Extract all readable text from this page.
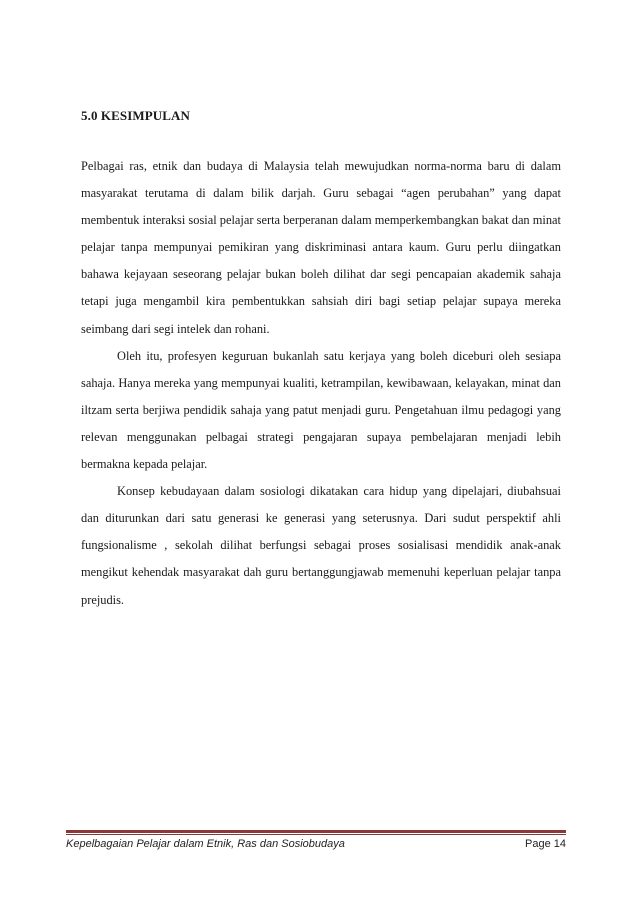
5.0 KESIMPULAN

Pelbagai ras, etnik dan budaya di Malaysia telah mewujudkan norma-norma baru di dalam masyarakat terutama di dalam bilik darjah. Guru sebagai “agen perubahan” yang dapat membentuk interaksi sosial pelajar serta berperanan dalam memperkembangkan bakat dan minat pelajar tanpa mempunyai pemikiran yang diskriminasi antara kaum. Guru perlu diingatkan bahawa kejayaan seseorang pelajar bukan boleh dilihat dar segi pencapaian akademik sahaja tetapi juga mengambil kira pembentukkan sahsiah diri bagi setiap pelajar supaya mereka seimbang dari segi intelek dan rohani.

Oleh itu, profesyen keguruan bukanlah satu kerjaya yang boleh diceburi oleh sesiapa sahaja. Hanya mereka yang mempunyai kualiti, ketrampilan, kewibawaan, kelayakan, minat dan iltzam serta berjiwa pendidik sahaja yang patut menjadi guru. Pengetahuan ilmu pedagogi yang relevan menggunakan pelbagai strategi pengajaran supaya pembelajaran menjadi lebih bermakna kepada pelajar.

Konsep kebudayaan dalam sosiologi dikatakan cara hidup yang dipelajari, diubahsuai dan diturunkan dari satu generasi ke generasi yang seterusnya. Dari sudut perspektif ahli fungsionalisme , sekolah dilihat berfungsi sebagai proses sosialisasi mendidik anak-anak mengikut kehendak masyarakat dah guru bertanggungjawab memenuhi keperluan pelajar tanpa prejudis.

Kepelbagaian Pelajar dalam Etnik, Ras dan Sosiobudaya	Page 14
